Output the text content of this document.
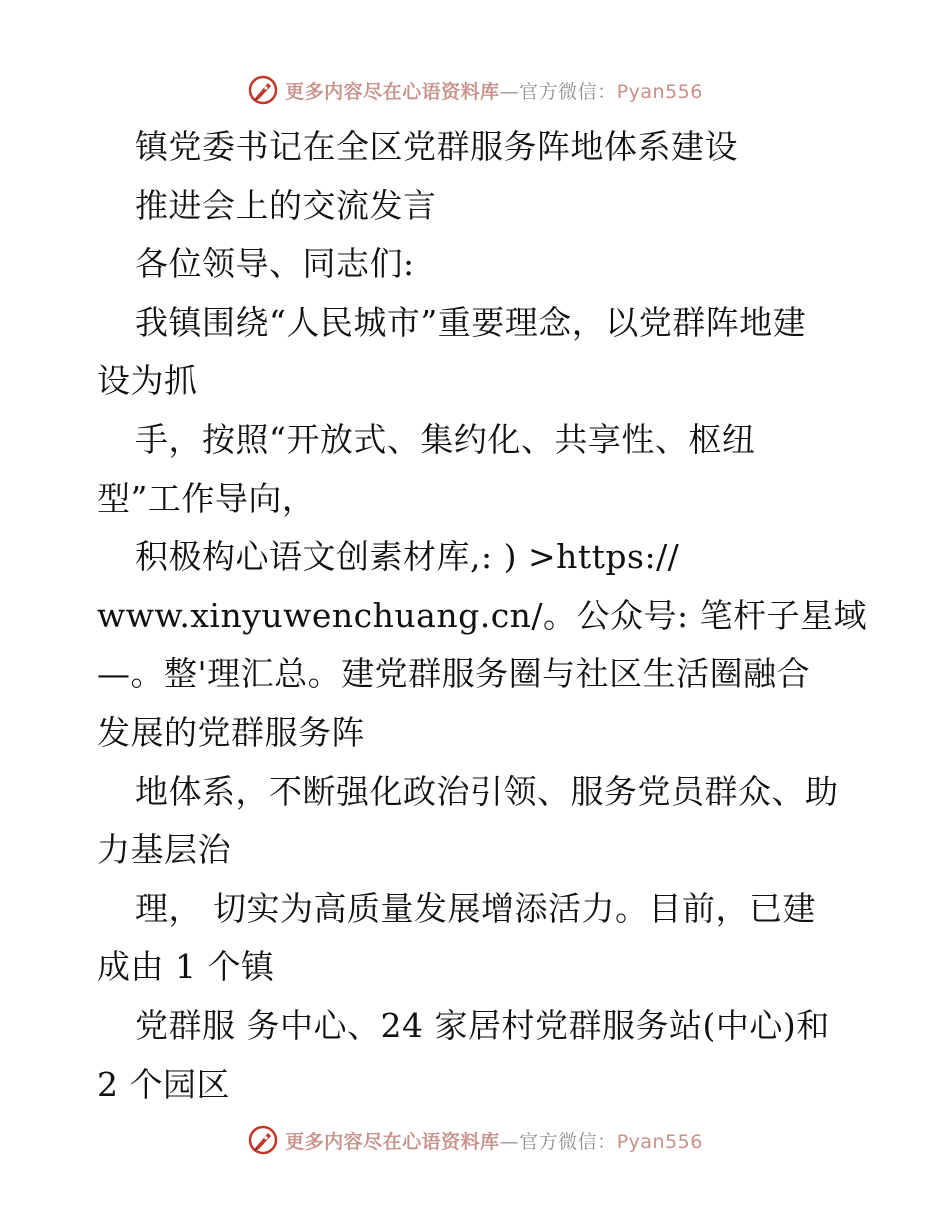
更多内容尽在心语资料库—官方微信：Pyan556
镇党委书记在全区党群服务阵地体系建设
推进会上的交流发言
各位领导、同志们:
我镇围绕“人民城市”重要理念，以党群阵地建
设为抓
手，按照“开放式、集约化、共享性、枢纽
型”工作导向，
积极构心语文创素材库,: ) >https://
www.xinyuwenchuang.cn/。公众号: 笔杆子星域
—。整'理汇总。建党群服务圈与社区生活圈融合
发展的党群服务阵
地体系，不断强化政治引领、服务党员群众、助
力基层治
理， 切实为高质量发展增添活力。目前，已建
成由 1 个镇
党群服 务中心、24 家居村党群服务站(中心)和
2 个园区
更多内容尽在心语资料库—官方微信：Pyan556
